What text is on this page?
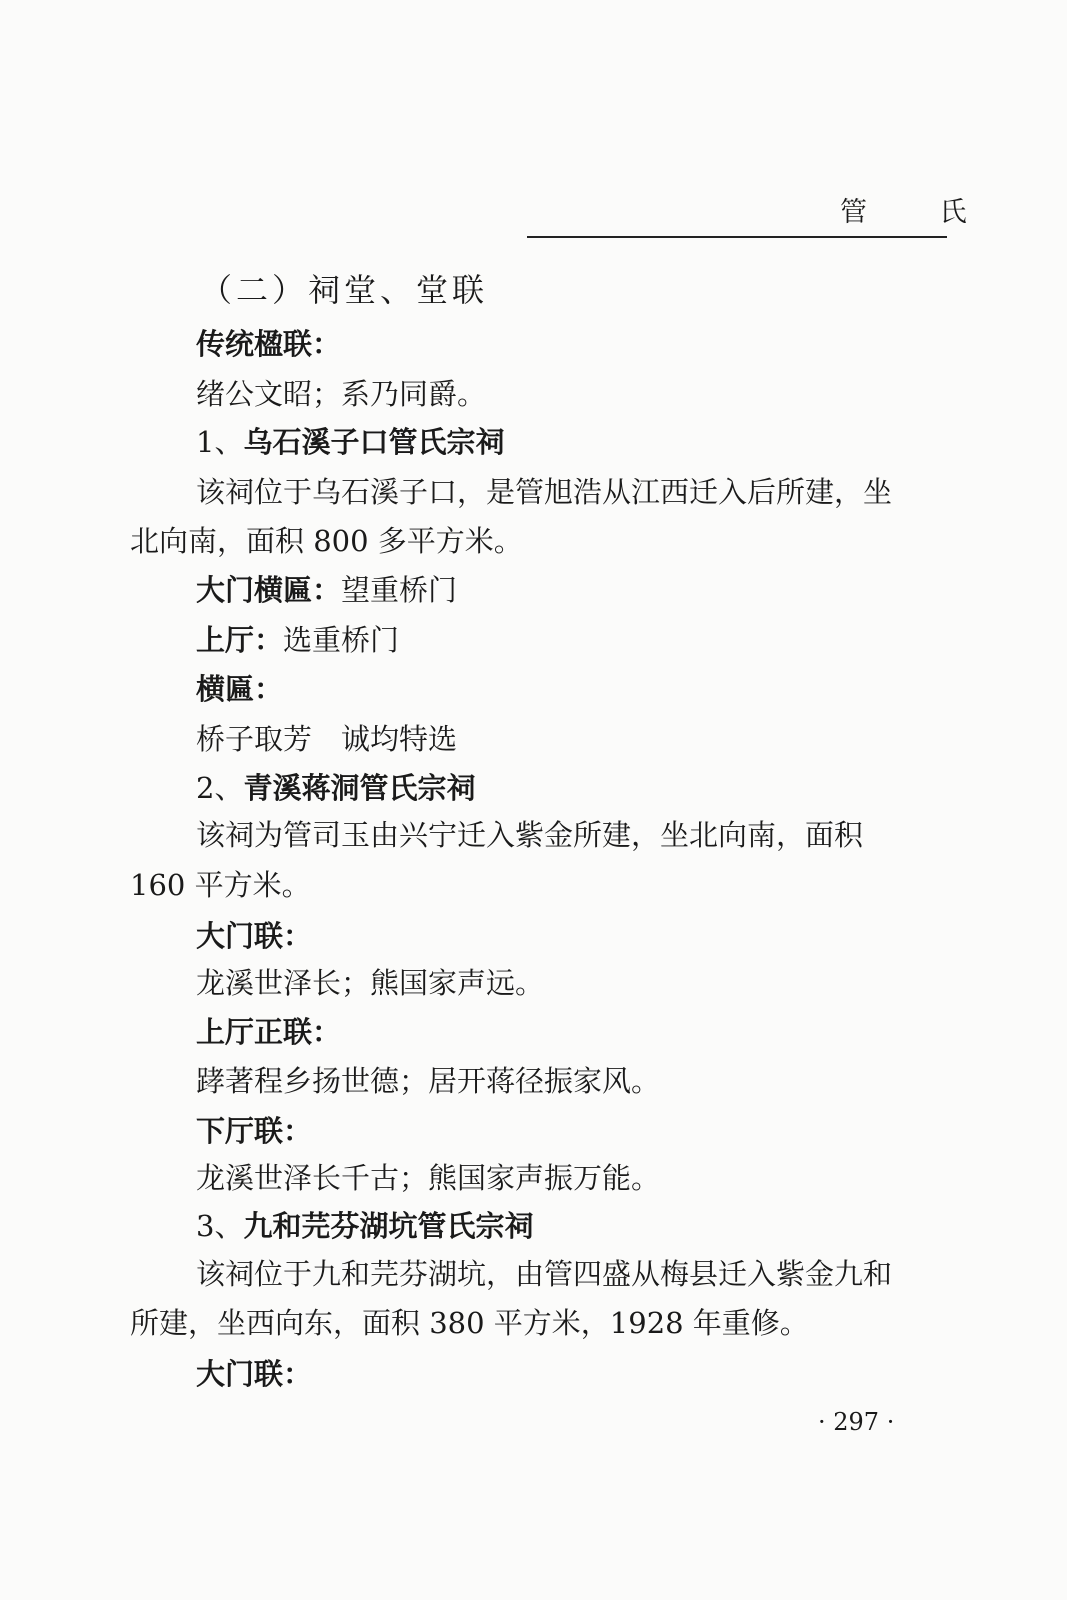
管 氏
（二）祠堂、堂联
传统楹联：
绪公文昭；系乃同爵。
1、乌石溪子口管氏宗祠
该祠位于乌石溪子口，是管旭浩从江西迁入后所建，坐
北向南，面积 800 多平方米。
大门横匾：望重桥门
上厅：选重桥门
横匾：
桥子取芳　诚均特选
2、青溪蒋洞管氏宗祠
该祠为管司玉由兴宁迁入紫金所建，坐北向南，面积
160 平方米。
大门联：
龙溪世泽长；熊国家声远。
上厅正联：
踍著程乡扬世德；居开蒋径振家风。
下厅联：
龙溪世泽长千古；熊国家声振万能。
3、九和芫芬湖坑管氏宗祠
该祠位于九和芫芬湖坑，由管四盛从梅县迁入紫金九和
所建，坐西向东，面积 380 平方米，1928 年重修。
大门联：
· 297 ·
